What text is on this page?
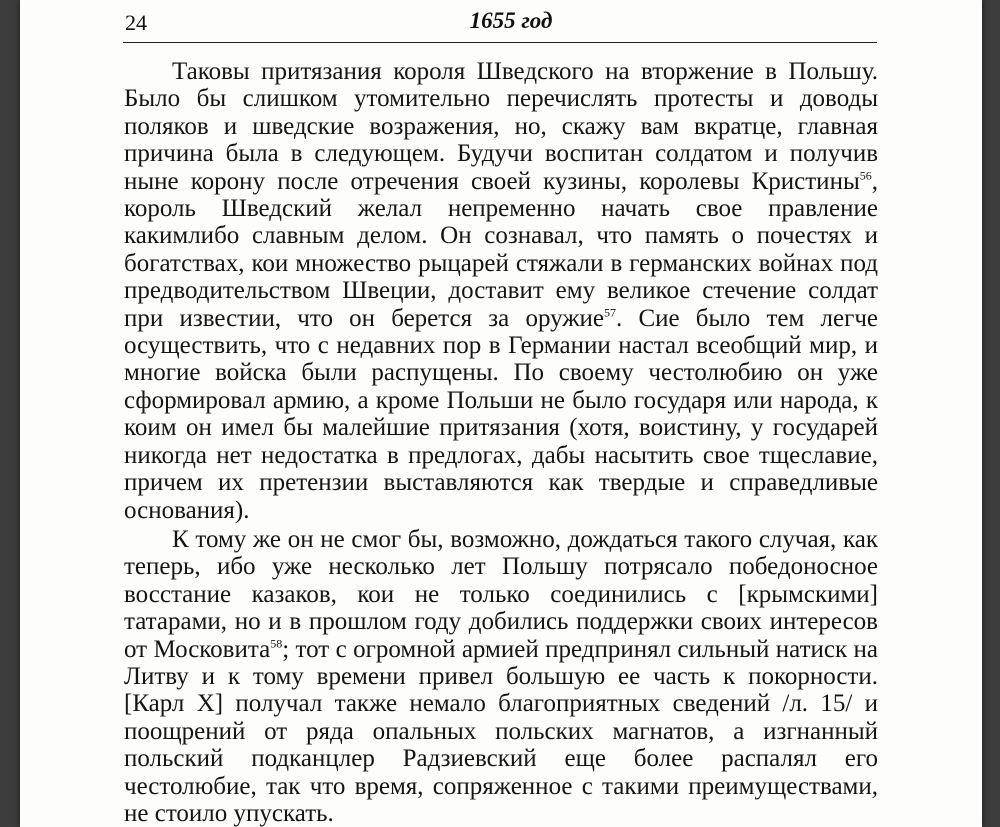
24	1655 год

Таковы притязания короля Шведского на вторжение в Польшу. Было бы слишком утомительно перечислять протесты и доводы поляков и шведские возражения, но, скажу вам вкратце, главная причина была в следующем. Будучи воспитан солдатом и получив ныне корону после отречения своей кузины, королевы Кристины$^{56}$, король Шведский желал непременно начать свое правление какимлибо славным делом. Он сознавал, что память о почестях и богатствах, кои множество рыцарей стяжали в германских войнах под предводительством Швеции, доставит ему великое стечение солдат при известии, что он берется за оружие$^{57}$. Сие было тем легче осуществить, что с недавних пор в Германии настал всеобщий мир, и многие войска были распущены. По своему честолюбию он уже сформировал армию, а кроме Польши не было государя или народа, к коим он имел бы малейшие притязания (хотя, воистину, у государей никогда нет недостатка в предлогах, дабы насытить свое тщеславие, причем их претензии выставляются как твердые и справедливые основания).

К тому же он не смог бы, возможно, дождаться такого случая, как теперь, ибо уже несколько лет Польшу потрясало победоносное восстание казаков, кои не только соединились с [крымскими] татарами, но и в прошлом году добились поддержки своих интересов от Московита$^{58}$; тот с огромной армией предпринял сильный натиск на Литву и к тому времени привел большую ее часть к покорности. [Карл X] получал также немало благоприятных сведений /л. 15/ и поощрений от ряда опальных польских магнатов, а изгнанный польский подканцлер Радзиевский еще более распалял его честолюбие, так что время, сопряженное с такими преимуществами, не стоило упускать.
